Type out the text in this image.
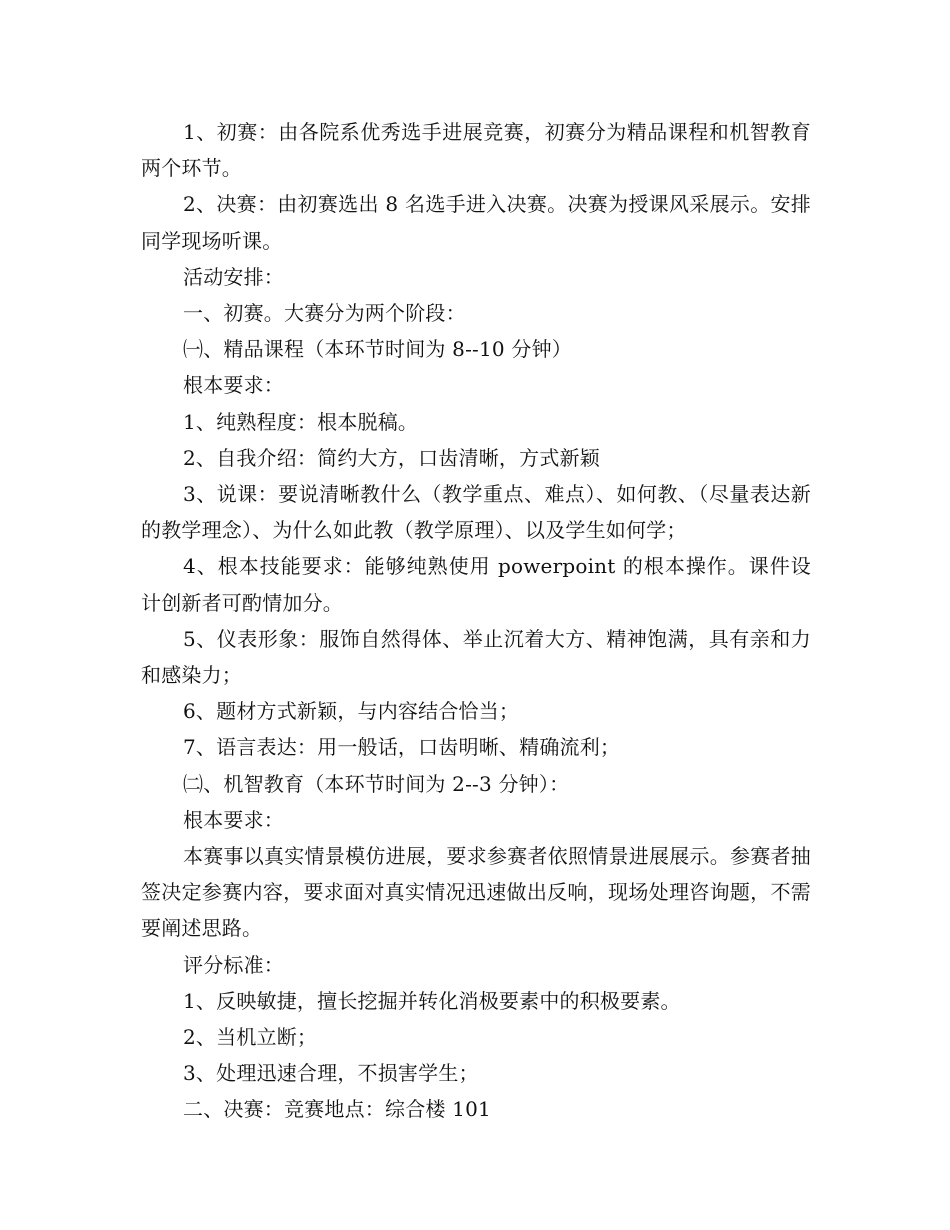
1、初赛：由各院系优秀选手进展竞赛，初赛分为精品课程和机智教育两个环节。

2、决赛：由初赛选出 8 名选手进入决赛。决赛为授课风采展示。安排同学现场听课。

活动安排：

一、初赛。大赛分为两个阶段：

㈠、精品课程（本环节时间为 8--10 分钟）

根本要求：

1、纯熟程度：根本脱稿。

2、自我介绍：简约大方，口齿清晰，方式新颖

3、说课：要说清晰教什么（教学重点、难点）、如何教、（尽量表达新的教学理念）、为什么如此教（教学原理）、以及学生如何学；

4、根本技能要求：能够纯熟使用 powerpoint 的根本操作。课件设计创新者可酌情加分。

5、仪表形象：服饰自然得体、举止沉着大方、精神饱满，具有亲和力和感染力；

6、题材方式新颖，与内容结合恰当；

7、语言表达：用一般话，口齿明晰、精确流利；

㈡、机智教育（本环节时间为 2--3 分钟）：

根本要求：

本赛事以真实情景模仿进展，要求参赛者依照情景进展展示。参赛者抽签决定参赛内容，要求面对真实情况迅速做出反响，现场处理咨询题，不需要阐述思路。

评分标准：

1、反映敏捷，擅长挖掘并转化消极要素中的积极要素。

2、当机立断；

3、处理迅速合理，不损害学生；

二、决赛：竞赛地点：综合楼 101
